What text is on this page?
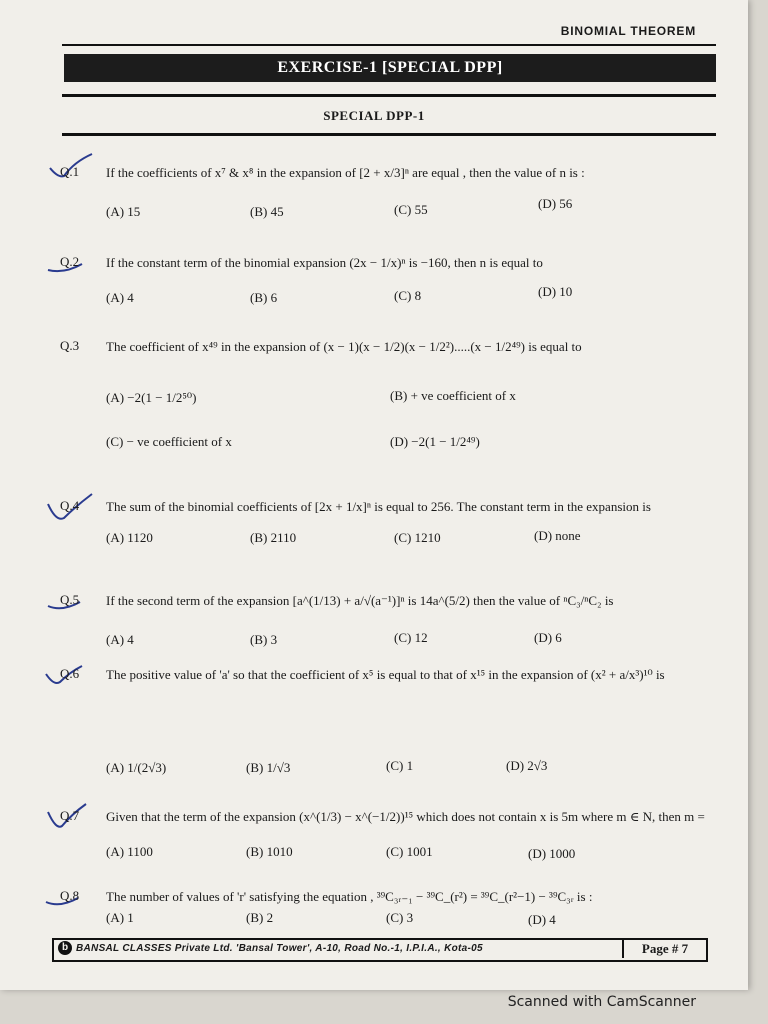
BINOMIAL THEOREM
EXERCISE-1 [SPECIAL DPP]
SPECIAL DPP-1
Q.1	If the coefficients of x⁷ & x⁸ in the expansion of [2 + x/3]ⁿ are equal , then the value of n is :
(A) 15	(B) 45	(C) 55	(D) 56
Q.2	If the constant term of the binomial expansion (2x − 1/x)ⁿ is −160, then n is equal to
(A) 4	(B) 6	(C) 8	(D) 10
Q.3	The coefficient of x⁴⁹ in the expansion of (x − 1)(x − 1/2)(x − 1/2²).....(x − 1/2⁴⁹) is equal to
(A) −2(1 − 1/2⁵⁰)	(B) + ve coefficient of x
(C) − ve coefficient of x	(D) −2(1 − 1/2⁴⁹)
Q.4	The sum of the binomial coefficients of [2x + 1/x]ⁿ is equal to 256. The constant term in the expansion is
(A) 1120	(B) 2110	(C) 1210	(D) none
Q.5	If the second term of the expansion [a^(1/13) + a/√(a⁻¹)]ⁿ is 14a^(5/2) then the value of ⁿC₃/ⁿC₂ is
(A) 4	(B) 3	(C) 12	(D) 6
Q.6	The positive value of 'a' so that the coefficient of x⁵ is equal to that of x¹⁵ in the expansion of (x² + a/x³)¹⁰ is
(A) 1/(2√3)	(B) 1/√3	(C) 1	(D) 2√3
Q.7	Given that the term of the expansion (x^(1/3) − x^(−1/2))¹⁵ which does not contain x is 5m where m ∈ N, then m =
(A) 1100	(B) 1010	(C) 1001	(D) 1000
Q.8	The number of values of 'r' satisfying the equation , ³⁹C₃ᵣ₋₁ − ³⁹C_(r²) = ³⁹C_(r²−1) − ³⁹C₃ᵣ is :
(A) 1	(B) 2	(C) 3	(D) 4
b BANSAL CLASSES Private Ltd. 'Bansal Tower', A-10, Road No.-1, I.P.I.A., Kota-05	Page # 7
Scanned with CamScanner
